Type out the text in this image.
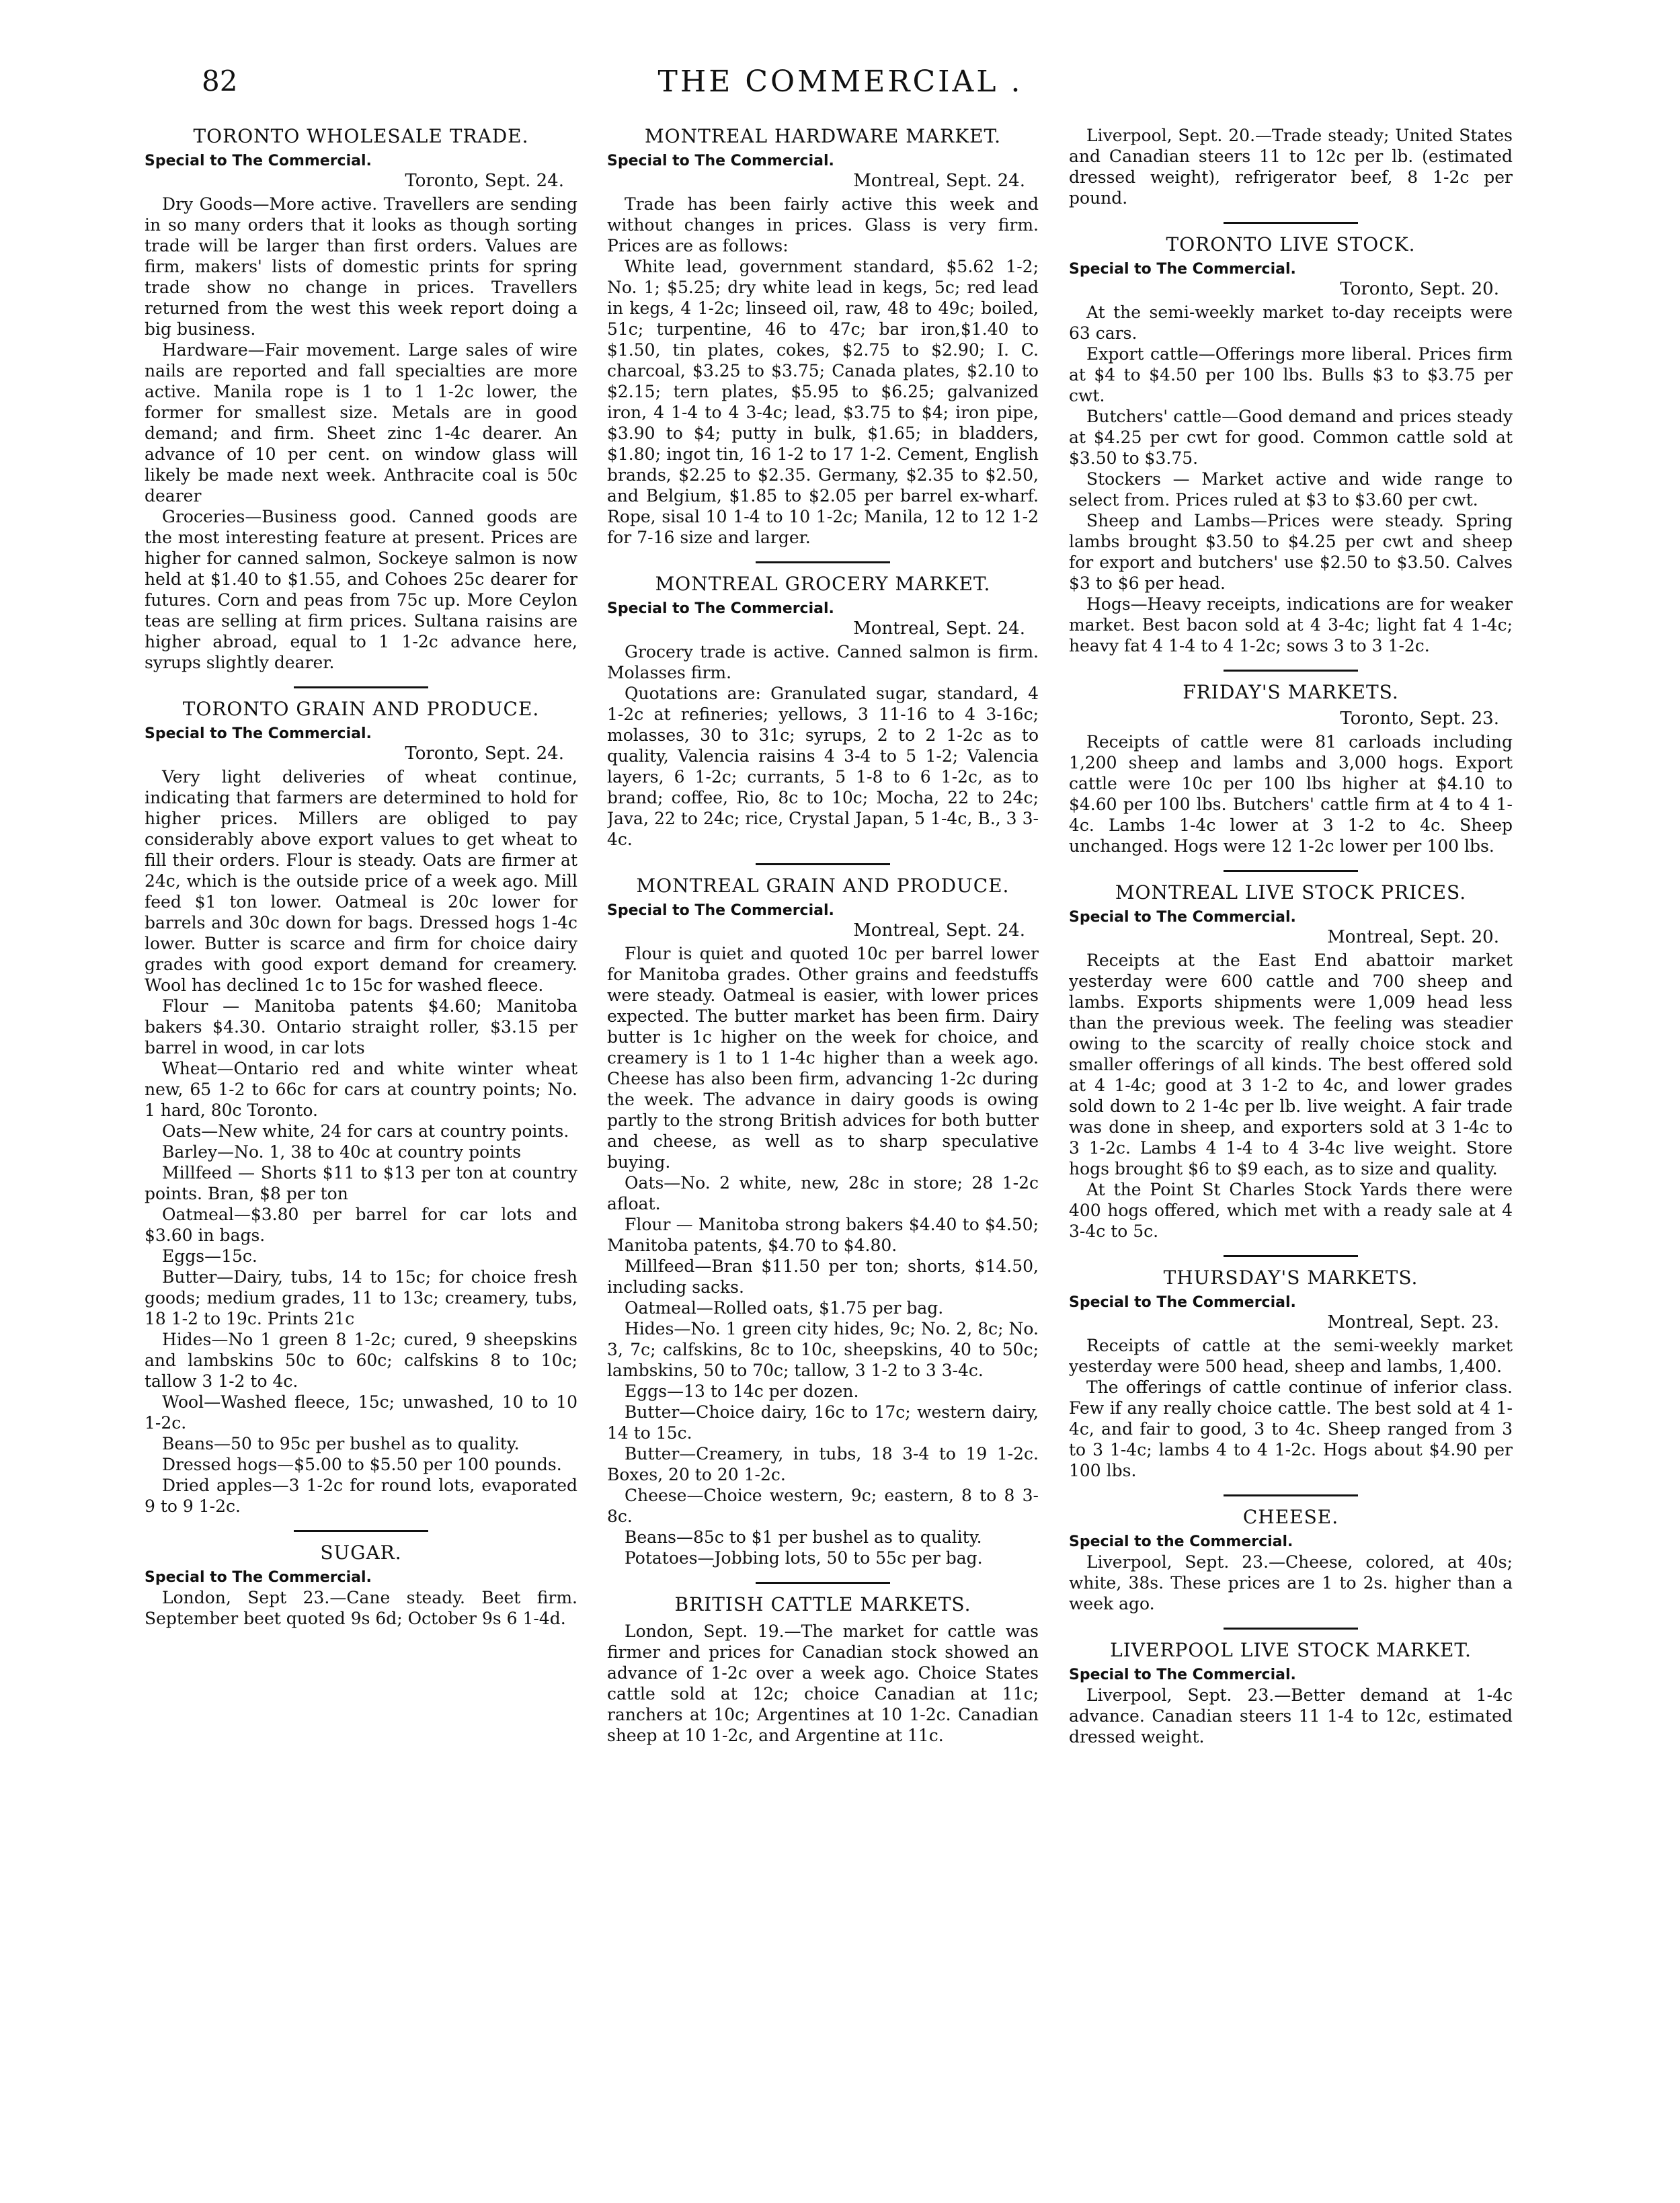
82	THE COMMERCIAL .
TORONTO WHOLESALE TRADE.
Special to The Commercial.
Toronto, Sept. 24.

Dry Goods—More active. Travellers are sending in so many orders that it looks as though sorting trade will be larger than first orders. Values are firm, makers' lists of domestic prints for spring trade show no change in prices. Travellers returned from the west this week report doing a big business.

Hardware—Fair movement. Large sales of wire nails are reported and fall specialties are more active. Manila rope is 1 to 1 1-2c lower, the former for smallest size. Metals are in good demand; and firm. Sheet zinc 1-4c dearer. An advance of 10 per cent. on window glass will likely be made next week. Anthracite coal is 50c dearer

Groceries—Business good. Canned goods are the most interesting feature at present. Prices are higher for canned salmon, Sockeye salmon is now held at $1.40 to $1.55, and Cohoes 25c dearer for futures. Corn and peas from 75c up. More Ceylon teas are selling at firm prices. Sultana raisins are higher abroad, equal to 1 1-2c advance here, syrups slightly dearer.

TORONTO GRAIN AND PRODUCE.
Special to The Commercial.
Toronto, Sept. 24.

Very light deliveries of wheat continue, indicating that farmers are determined to hold for higher prices. Millers are obliged to pay considerably above export values to get wheat to fill their orders. Flour is steady. Oats are firmer at 24c, which is the outside price of a week ago. Mill feed $1 ton lower. Oatmeal is 20c lower for barrels and 30c down for bags. Dressed hogs 1-4c lower. Butter is scarce and firm for choice dairy grades with good export demand for creamery. Wool has declined 1c to 15c for washed fleece.

Flour — Manitoba patents $4.60; Manitoba bakers $4.30. Ontario straight roller, $3.15 per barrel in wood, in car lots

Wheat—Ontario red and white winter wheat new, 65 1-2 to 66c for cars at country points; No. 1 hard, 80c Toronto.

Oats—New white, 24 for cars at country points.

Barley—No. 1, 38 to 40c at country points

Millfeed — Shorts $11 to $13 per ton at country points. Bran, $8 per ton

Oatmeal—$3.80 per barrel for car lots and $3.60 in bags.

Eggs—15c.

Butter—Dairy, tubs, 14 to 15c; for choice fresh goods; medium grades, 11 to 13c; creamery, tubs, 18 1-2 to 19c. Prints 21c

Hides—No 1 green 8 1-2c; cured, 9 sheepskins and lambskins 50c to 60c; calfskins 8 to 10c; tallow 3 1-2 to 4c.

Wool—Washed fleece, 15c; unwashed, 10 to 10 1-2c.

Beans—50 to 95c per bushel as to quality.

Dressed hogs—$5.00 to $5.50 per 100 pounds.

Dried apples—3 1-2c for round lots, evaporated 9 to 9 1-2c.

SUGAR.
Special to The Commercial.

London, Sept 23.—Cane steady. Beet firm. September beet quoted 9s 6d; October 9s 6 1-4d.

MONTREAL HARDWARE MARKET.
Special to The Commercial.
Montreal, Sept. 24.

Trade has been fairly active this week and without changes in prices. Glass is very firm. Prices are as follows:

White lead, government standard, $5.62 1-2; No. 1; $5.25; dry white lead in kegs, 5c; red lead in kegs, 4 1-2c; linseed oil, raw, 48 to 49c; boiled, 51c; turpentine, 46 to 47c; bar iron,$1.40 to $1.50, tin plates, cokes, $2.75 to $2.90; I. C. charcoal, $3.25 to $3.75; Canada plates, $2.10 to $2.15; tern plates, $5.95 to $6.25; galvanized iron, 4 1-4 to 4 3-4c; lead, $3.75 to $4; iron pipe, $3.90 to $4; putty in bulk, $1.65; in bladders, $1.80; ingot tin, 16 1-2 to 17 1-2. Cement, English brands, $2.25 to $2.35. Germany, $2.35 to $2.50, and Belgium, $1.85 to $2.05 per barrel ex-wharf. Rope, sisal 10 1-4 to 10 1-2c; Manila, 12 to 12 1-2 for 7-16 size and larger.

MONTREAL GROCERY MARKET.
Special to The Commercial.
Montreal, Sept. 24.

Grocery trade is active. Canned salmon is firm. Molasses firm.

Quotations are: Granulated sugar, standard, 4 1-2c at refineries; yellows, 3 11-16 to 4 3-16c; molasses, 30 to 31c; syrups, 2 to 2 1-2c as to quality, Valencia raisins 4 3-4 to 5 1-2; Valencia layers, 6 1-2c; currants, 5 1-8 to 6 1-2c, as to brand; coffee, Rio, 8c to 10c; Mocha, 22 to 24c; Java, 22 to 24c; rice, Crystal Japan, 5 1-4c, B., 3 3-4c.

MONTREAL GRAIN AND PRODUCE.
Special to The Commercial.
Montreal, Sept. 24.

Flour is quiet and quoted 10c per barrel lower for Manitoba grades. Other grains and feedstuffs were steady. Oatmeal is easier, with lower prices expected. The butter market has been firm. Dairy butter is 1c higher on the week for choice, and creamery is 1 to 1 1-4c higher than a week ago. Cheese has also been firm, advancing 1-2c during the week. The advance in dairy goods is owing partly to the strong British advices for both butter and cheese, as well as to sharp speculative buying.

Oats—No. 2 white, new, 28c in store; 28 1-2c afloat.

Flour — Manitoba strong bakers $4.40 to $4.50; Manitoba patents, $4.70 to $4.80.

Millfeed—Bran $11.50 per ton; shorts, $14.50, including sacks.

Oatmeal—Rolled oats, $1.75 per bag.

Hides—No. 1 green city hides, 9c; No. 2, 8c; No. 3, 7c; calfskins, 8c to 10c, sheepskins, 40 to 50c; lambskins, 50 to 70c; tallow, 3 1-2 to 3 3-4c.

Eggs—13 to 14c per dozen.

Butter—Choice dairy, 16c to 17c; western dairy, 14 to 15c.

Butter—Creamery, in tubs, 18 3-4 to 19 1-2c. Boxes, 20 to 20 1-2c.

Cheese—Choice western, 9c; eastern, 8 to 8 3-8c.

Beans—85c to $1 per bushel as to quality.

Potatoes—Jobbing lots, 50 to 55c per bag.

BRITISH CATTLE MARKETS.

London, Sept. 19.—The market for cattle was firmer and prices for Canadian stock showed an advance of 1-2c over a week ago. Choice States cattle sold at 12c; choice Canadian at 11c; ranchers at 10c; Argentines at 10 1-2c. Canadian sheep at 10 1-2c, and Argentine at 11c.

Liverpool, Sept. 20.—Trade steady; United States and Canadian steers 11 to 12c per lb. (estimated dressed weight), refrigerator beef, 8 1-2c per pound.

TORONTO LIVE STOCK.
Special to The Commercial.
Toronto, Sept. 20.

At the semi-weekly market to-day receipts were 63 cars.

Export cattle—Offerings more liberal. Prices firm at $4 to $4.50 per 100 lbs. Bulls $3 to $3.75 per cwt.

Butchers' cattle—Good demand and prices steady at $4.25 per cwt for good. Common cattle sold at $3.50 to $3.75.

Stockers — Market active and wide range to select from. Prices ruled at $3 to $3.60 per cwt.

Sheep and Lambs—Prices were steady. Spring lambs brought $3.50 to $4.25 per cwt and sheep for export and butchers' use $2.50 to $3.50. Calves $3 to $6 per head.

Hogs—Heavy receipts, indications are for weaker market. Best bacon sold at 4 3-4c; light fat 4 1-4c; heavy fat 4 1-4 to 4 1-2c; sows 3 to 3 1-2c.

FRIDAY'S MARKETS.
Toronto, Sept. 23.

Receipts of cattle were 81 carloads including 1,200 sheep and lambs and 3,000 hogs. Export cattle were 10c per 100 lbs higher at $4.10 to $4.60 per 100 lbs. Butchers' cattle firm at 4 to 4 1-4c. Lambs 1-4c lower at 3 1-2 to 4c. Sheep unchanged. Hogs were 12 1-2c lower per 100 lbs.

MONTREAL LIVE STOCK PRICES.
Special to The Commercial.
Montreal, Sept. 20.

Receipts at the East End abattoir market yesterday were 600 cattle and 700 sheep and lambs. Exports shipments were 1,009 head less than the previous week. The feeling was steadier owing to the scarcity of really choice stock and smaller offerings of all kinds. The best offered sold at 4 1-4c; good at 3 1-2 to 4c, and lower grades sold down to 2 1-4c per lb. live weight. A fair trade was done in sheep, and exporters sold at 3 1-4c to 3 1-2c. Lambs 4 1-4 to 4 3-4c live weight. Store hogs brought $6 to $9 each, as to size and quality.

At the Point St Charles Stock Yards there were 400 hogs offered, which met with a ready sale at 4 3-4c to 5c.

THURSDAY'S MARKETS.
Special to The Commercial.
Montreal, Sept. 23.

Receipts of cattle at the semi-weekly market yesterday were 500 head, sheep and lambs, 1,400.

The offerings of cattle continue of inferior class. Few if any really choice cattle. The best sold at 4 1-4c, and fair to good, 3 to 4c. Sheep ranged from 3 to 3 1-4c; lambs 4 to 4 1-2c. Hogs about $4.90 per 100 lbs.

CHEESE.
Special to the Commercial.

Liverpool, Sept. 23.—Cheese, colored, at 40s; white, 38s. These prices are 1 to 2s. higher than a week ago.

LIVERPOOL LIVE STOCK MARKET.
Special to The Commercial.

Liverpool, Sept. 23.—Better demand at 1-4c advance. Canadian steers 11 1-4 to 12c, estimated dressed weight.
